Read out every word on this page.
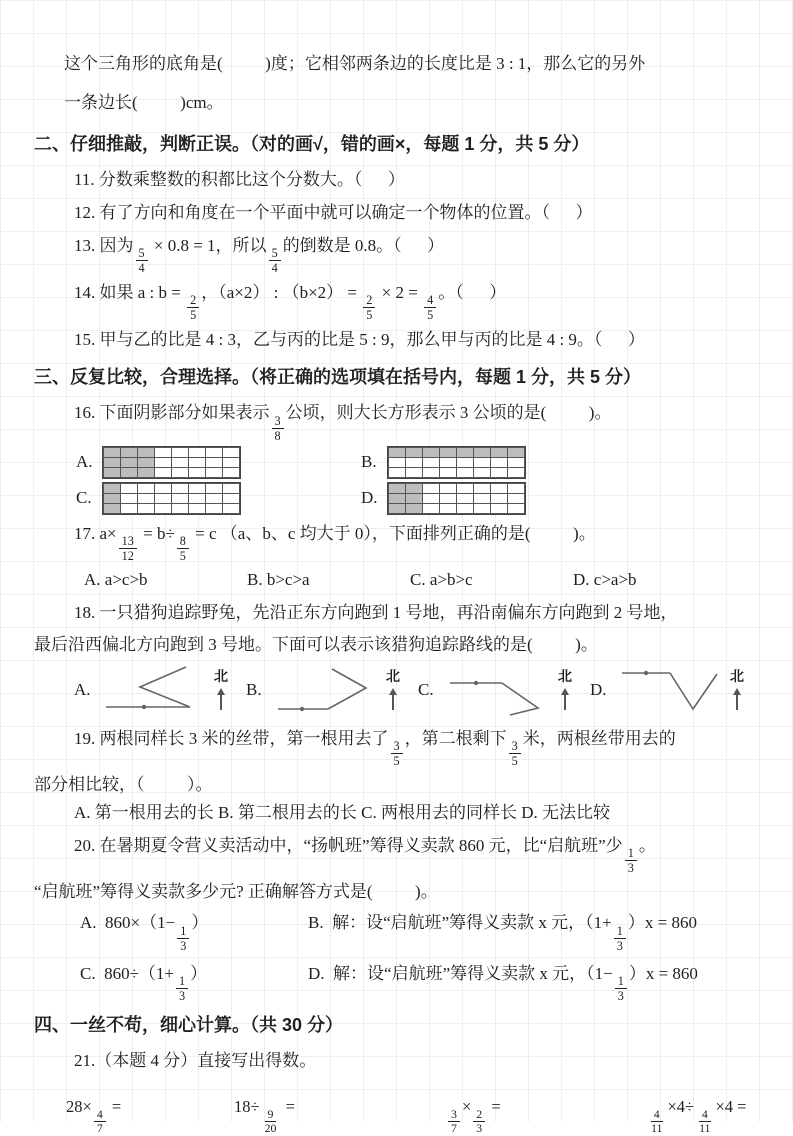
这个三角形的底角是(          )度；它相邻两条边的长度比是 3 : 1，那么它的另外
一条边长(          )cm。
二、仔细推敲，判断正误。（对的画√，错的画×，每题 1 分，共 5 分）
11. 分数乘整数的积都比这个分数大。（      ）
12. 有了方向和角度在一个平面中就可以确定一个物体的位置。（      ）
13. 因为
$\frac{5}{4}$
× 0.8 = 1，所以
$\frac{5}{4}$
的倒数是 0.8。（      ）
14. 如果 a : b =
$\frac{2}{5}$
，（a×2） : （b×2） =
$\frac{2}{5}$
× 2 =
$\frac{4}{5}$
。（      ）
15. 甲与乙的比是 4 : 3，乙与丙的比是 5 : 9，那么甲与丙的比是 4 : 9。（      ）
三、反复比较，合理选择。（将正确的选项填在括号内，每题 1 分，共 5 分）
16. 下面阴影部分如果表示
$\frac{3}{8}$
公顷，则大长方形表示 3 公顷的是(          )。
A.	B.
C.	D.
17. a×
$\frac{13}{12}$
= b÷
$\frac{8}{5}$
= c （a、b、c 均大于 0），下面排列正确的是(          )。
A. a>c>b	B. b>c>a	C. a>b>c	D. c>a>b
18. 一只猎狗追踪野兔，先沿正东方向跑到 1 号地，再沿南偏东方向跑到 2 号地，
最后沿西偏北方向跑到 3 号地。下面可以表示该猎狗追踪路线的是(          )。
A.
北
B.
北
C.
北
D.
北
19. 两根同样长 3 米的丝带，第一根用去了
$\frac{3}{5}$
，第二根剩下
$\frac{3}{5}$
米，两根丝带用去的
部分相比较，（          ）。
A. 第一根用去的长 B. 第二根用去的长 C. 两根用去的同样长 D. 无法比较
20. 在暑期夏令营义卖活动中，“扬帆班”筹得义卖款 860 元，比“启航班”少
$\frac{1}{3}$
。
“启航班”筹得义卖款多少元? 正确解答方式是(          )。
A.  860×（1−
$\frac{1}{3}$
）	B.  解：设“启航班”筹得义卖款 x 元，（1+
$\frac{1}{3}$
）x = 860
C.  860÷（1+
$\frac{1}{3}$
）	D.  解：设“启航班”筹得义卖款 x 元，（1−
$\frac{1}{3}$
）x = 860
四、一丝不苟，细心计算。（共 30 分）
21.（本题 4 分）直接写出得数。
28×
$\frac{4}{7}$
=	18÷
$\frac{9}{20}$
=
$\frac{3}{7}$
×
$\frac{2}{3}$
=
$\frac{4}{11}$
×4÷
$\frac{4}{11}$
×4 =
